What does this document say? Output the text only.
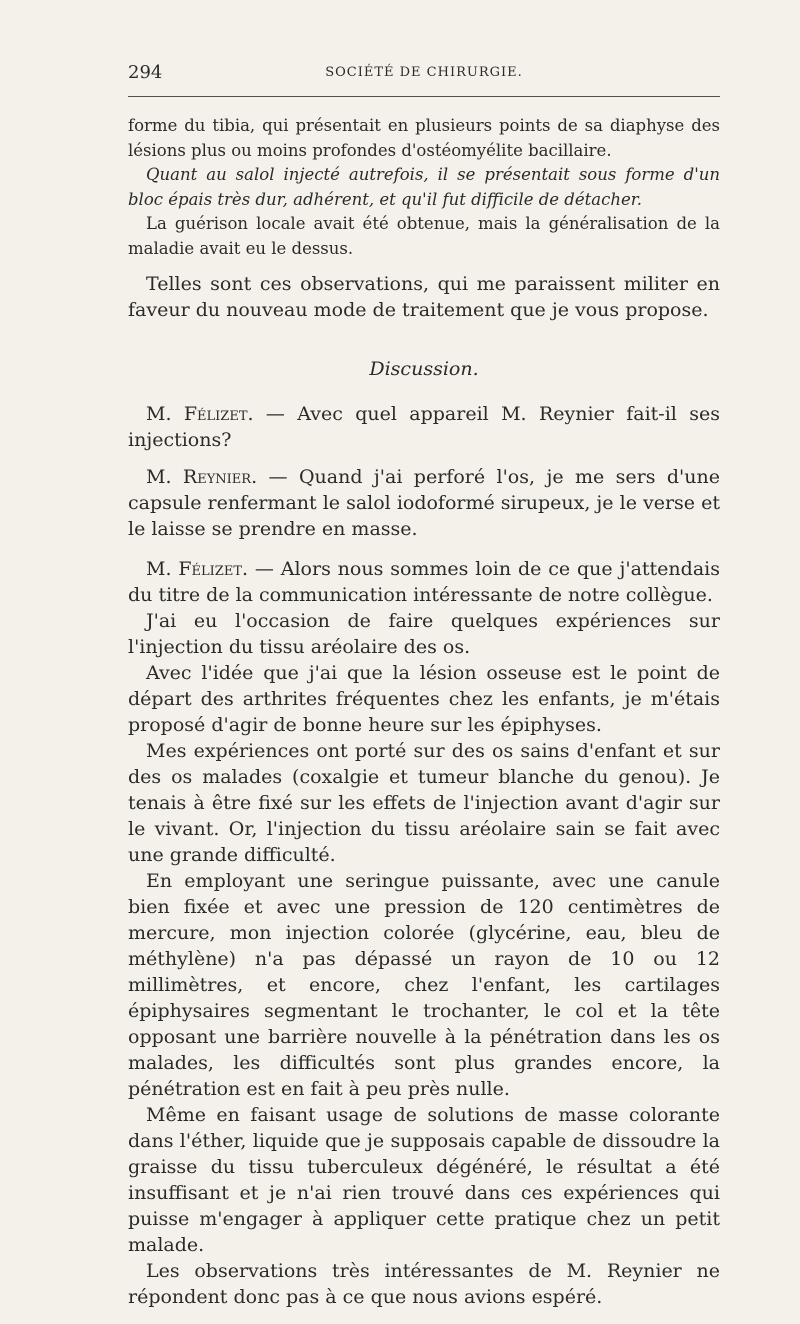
294	SOCIÉTÉ DE CHIRURGIE.

forme du tibia, qui présentait en plusieurs points de sa diaphyse des lésions plus ou moins profondes d'ostéomyélite bacillaire.

Quant au salol injecté autrefois, il se présentait sous forme d'un bloc épais très dur, adhérent, et qu'il fut difficile de détacher.

La guérison locale avait été obtenue, mais la généralisation de la maladie avait eu le dessus.

Telles sont ces observations, qui me paraissent militer en faveur du nouveau mode de traitement que je vous propose.

Discussion.

M. Félizet. — Avec quel appareil M. Reynier fait-il ses injections?

M. Reynier. — Quand j'ai perforé l'os, je me sers d'une capsule renfermant le salol iodoformé sirupeux, je le verse et le laisse se prendre en masse.

M. Félizet. — Alors nous sommes loin de ce que j'attendais du titre de la communication intéressante de notre collègue.

J'ai eu l'occasion de faire quelques expériences sur l'injection du tissu aréolaire des os.

Avec l'idée que j'ai que la lésion osseuse est le point de départ des arthrites fréquentes chez les enfants, je m'étais proposé d'agir de bonne heure sur les épiphyses.

Mes expériences ont porté sur des os sains d'enfant et sur des os malades (coxalgie et tumeur blanche du genou). Je tenais à être fixé sur les effets de l'injection avant d'agir sur le vivant. Or, l'injection du tissu aréolaire sain se fait avec une grande difficulté.

En employant une seringue puissante, avec une canule bien fixée et avec une pression de 120 centimètres de mercure, mon injection colorée (glycérine, eau, bleu de méthylène) n'a pas dépassé un rayon de 10 ou 12 millimètres, et encore, chez l'enfant, les cartilages épiphysaires segmentant le trochanter, le col et la tête opposant une barrière nouvelle à la pénétration dans les os malades, les difficultés sont plus grandes encore, la pénétration est en fait à peu près nulle.

Même en faisant usage de solutions de masse colorante dans l'éther, liquide que je supposais capable de dissoudre la graisse du tissu tuberculeux dégénéré, le résultat a été insuffisant et je n'ai rien trouvé dans ces expériences qui puisse m'engager à appliquer cette pratique chez un petit malade.

Les observations très intéressantes de M. Reynier ne répondent donc pas à ce que nous avions espéré.
